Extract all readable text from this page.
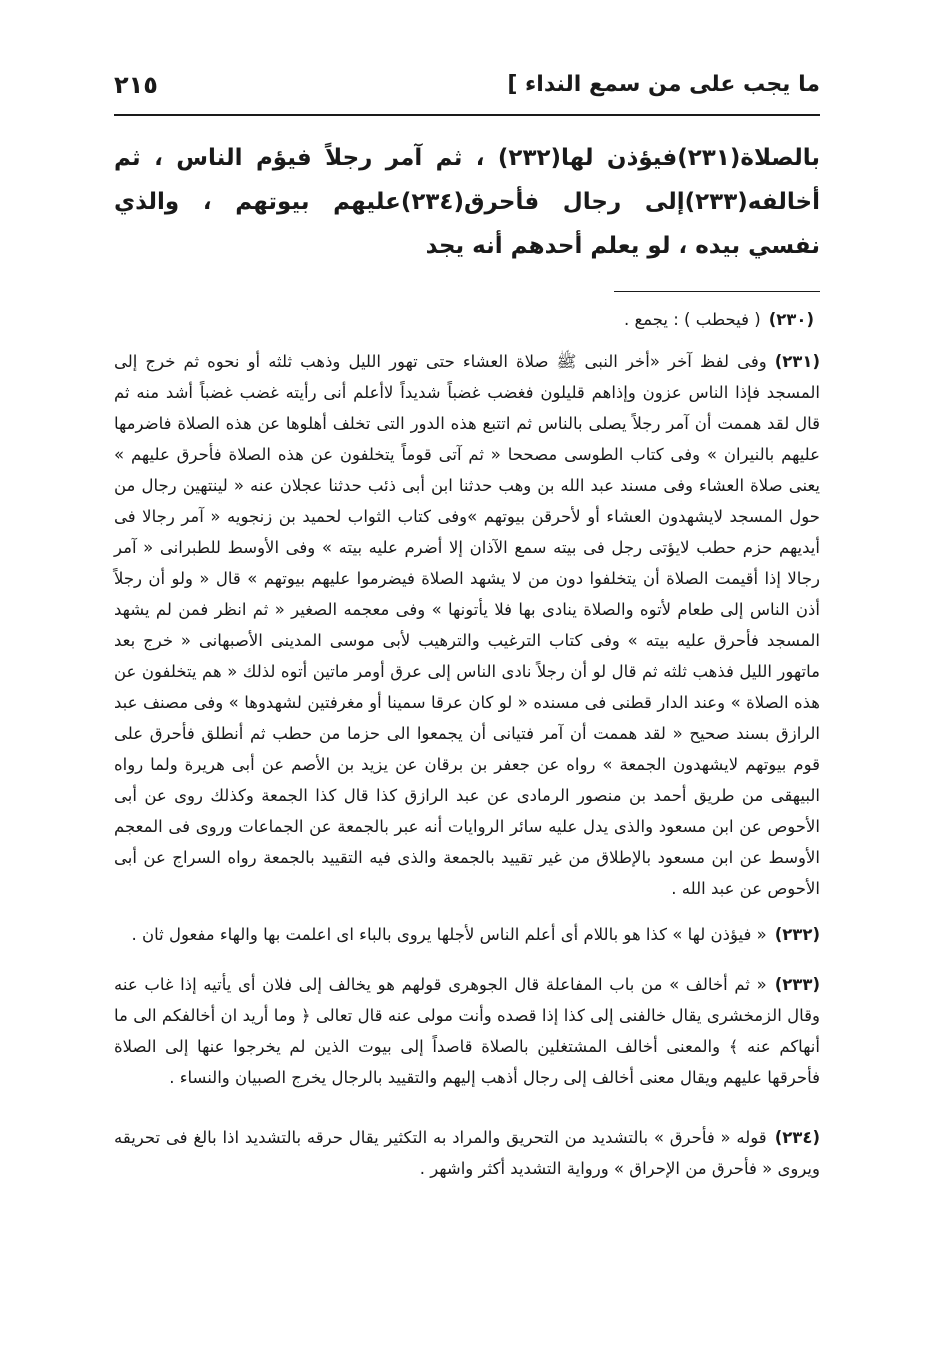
ما يجب على من سمع النداء ]
٢١٥

بالصلاة(٢٣١)فيؤذن لها(٢٣٢) ، ثم آمر رجلاً فيؤم الناس ، ثم أخالفه(٢٣٣)إلى رجال فأحرق(٢٣٤)عليهم بيوتهم ، والذي نفسي بيده ، لو يعلم أحدهم أنه يجد

(٢٣٠)( فيحطب ) : يجمع .

(٢٣١)وفى لفظ آخر «أخر النبى ﷺ صلاة العشاء حتى تهور الليل وذهب ثلثه أو نحوه ثم خرج إلى المسجد فإذا الناس عزون وإذاهم قليلون فغضب غضباً شديداً لاأعلم أنى رأيته غضب غضباً أشد منه ثم قال لقد هممت أن آمر رجلاً يصلى بالناس ثم اتتبع هذه الدور التى تخلف أهلوها عن هذه الصلاة فاضرمها عليهم بالنيران » وفى كتاب الطوسى مصححا « ثم آتى قوماً يتخلفون عن هذه الصلاة فأحرق عليهم » يعنى صلاة العشاء وفى مسند عبد الله بن وهب حدثنا ابن أبى ذئب حدثنا عجلان عنه « لينتهين رجال من حول المسجد لايشهدون العشاء أو لأحرقن بيوتهم »وفى كتاب الثواب لحميد بن زنجويه « آمر رجالا فى أيديهم حزم حطب لايؤتى رجل فى بيته سمع الآذان إلا أضرم عليه بيته » وفى الأوسط للطبرانى « آمر رجالا إذا أقيمت الصلاة أن يتخلفوا دون من لا يشهد الصلاة فيضرموا عليهم بيوتهم » قال « ولو أن رجلاً أذن الناس إلى طعام لأتوه والصلاة ينادى بها فلا يأتونها » وفى معجمه الصغير « ثم انظر فمن لم يشهد المسجد فأحرق عليه بيته » وفى كتاب الترغيب والترهيب لأبى موسى المدينى الأصبهانى « خرج بعد ماتهور الليل فذهب ثلثه ثم قال لو أن رجلاً نادى الناس إلى عرق أومر ماتين أتوه لذلك « هم يتخلفون عن هذه الصلاة » وعند الدار قطنى فى مسنده « لو كان عرقا سمينا أو مغرفتين لشهدوها » وفى مصنف عبد الرازق بسند صحيح « لقد هممت أن آمر فتيانى أن يجمعوا الى حزما من حطب ثم أنطلق فأحرق على قوم بيوتهم لايشهدون الجمعة » رواه عن جعفر بن برقان عن يزيد بن الأصم عن أبى هريرة ولما رواه البيهقى من طريق أحمد بن منصور الرمادى عن عبد الرازق كذا قال كذا الجمعة وكذلك روى عن أبى الأحوص عن ابن مسعود والذى يدل عليه سائر الروايات أنه عبر بالجمعة عن الجماعات وروى فى المعجم الأوسط عن ابن مسعود بالإطلاق من غير تقييد بالجمعة والذى فيه التقييد بالجمعة رواه السراج عن أبى الأحوص عن عبد الله .

(٢٣٢)« فيؤذن لها » كذا هو باللام أى أعلم الناس لأجلها يروى بالباء اى اعلمت بها والهاء مفعول ثان .

(٢٣٣)« ثم أخالف » من باب المفاعلة قال الجوهرى قولهم هو يخالف إلى فلان أى يأتيه إذا غاب عنه وقال الزمخشرى يقال خالفنى إلى كذا إذا قصده وأنت مولى عنه قال تعالى ﴿ وما أريد ان أخالفكم الى ما أنهاكم عنه ﴾ والمعنى أخالف المشتغلين بالصلاة قاصداً إلى بيوت الذين لم يخرجوا عنها إلى الصلاة فأحرقها عليهم ويقال معنى أخالف إلى رجال أذهب إليهم والتقييد بالرجال يخرج الصبيان والنساء .

(٢٣٤)قوله « فأحرق » بالتشديد من التحريق والمراد به التكثير يقال حرقه بالتشديد اذا بالغ فى تحريقه ويروى « فأحرق من الإحراق » ورواية التشديد أكثر واشهر .
